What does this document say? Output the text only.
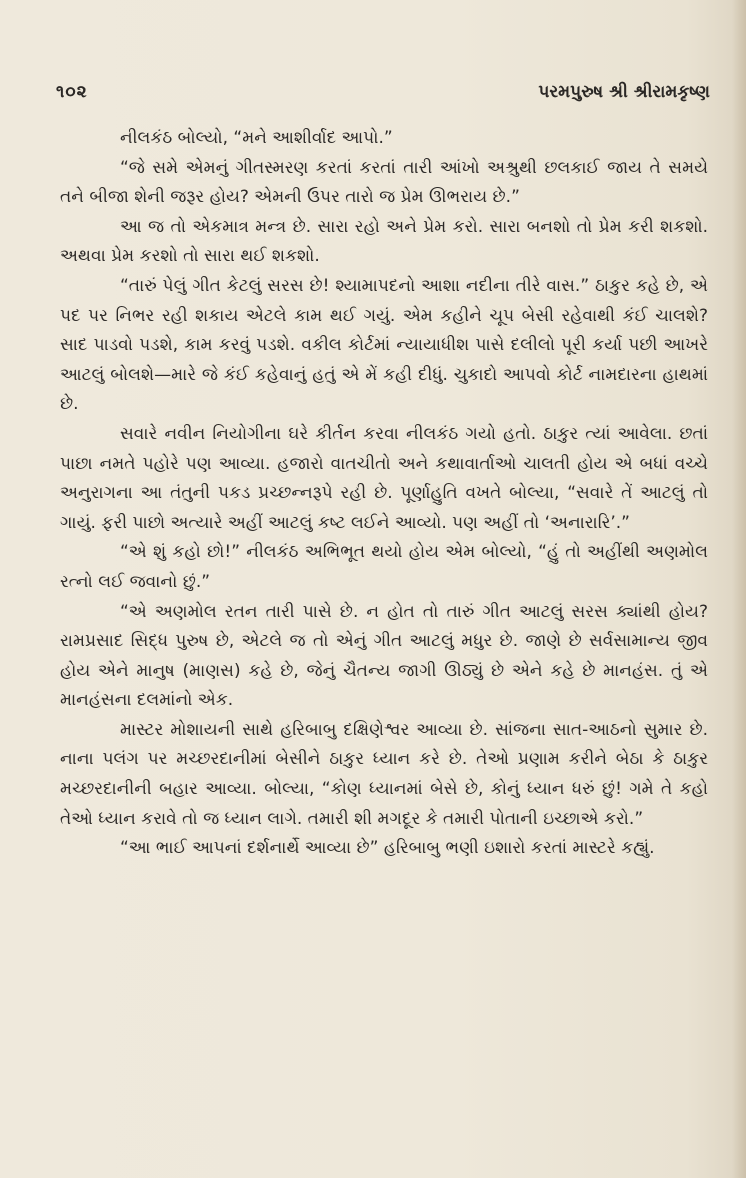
૧૦૨	પરમપુરુષ શ્રી શ્રીરામકૃષ્ણ

નીલકંઠ બોલ્યો, “મને આશીર્વાદ આપો.”

“જે સમે એમનું ગીતસ્મરણ કરતાં કરતાં તારી આંખો અશ્રુથી છલકાઈ જાય તે સમયે તને બીજા શેની જરૂર હોય? એમની ઉપર તારો જ પ્રેમ ઊભરાય છે.”

આ જ તો એકમાત્ર મન્ત્ર છે. સારા રહો અને પ્રેમ કરો. સારા બનશો તો પ્રેમ કરી શકશો. અથવા પ્રેમ કરશો તો સારા થઈ શકશો.

“તારું પેલું ગીત કેટલું સરસ છે! શ્યામાપદનો આશા નદીના તીરે વાસ.” ઠાકુર કહે છે, એ પદ પર નિભર રહી શકાય એટલે કામ થઈ ગયું. એમ કહીને ચૂપ બેસી રહેવાથી કંઈ ચાલશે? સાદ પાડવો પડશે, કામ કરવું પડશે. વકીલ કોર્ટમાં ન્યાયાધીશ પાસે દલીલો પૂરી કર્યા પછી આખરે આટલું બોલશે—મારે જે કંઈ કહેવાનું હતું એ મેં કહી દીધું. ચુકાદો આપવો કોર્ટ નામદારના હાથમાં છે.

સવારે નવીન નિયોગીના ઘરે કીર્તન કરવા નીલકંઠ ગયો હતો. ઠાકુર ત્યાં આવેલા. છતાં પાછા નમતે પહોરે પણ આવ્યા. હજારો વાતચીતો અને કથાવાર્તાઓ ચાલતી હોય એ બધાં વચ્ચે અનુરાગના આ તંતુની પકડ પ્રચ્છન્નરૂપે રહી છે. પૂર્ણાહુતિ વખતે બોલ્યા, “સવારે તેં આટલું તો ગાયું. ફરી પાછો અત્યારે અહીં આટલું કષ્ટ લઈને આવ્યો. પણ અહીં તો ‘અનારારિ’.”

“એ શું કહો છો!” નીલકંઠ અભિભૂત થયો હોય એમ બોલ્યો, “હું તો અહીંથી અણમોલ રત્નો લઈ જવાનો છું.”

“એ અણમોલ રતન તારી પાસે છે. ન હોત તો તારું ગીત આટલું સરસ ક્યાંથી હોય? રામપ્રસાદ સિદ્ધ પુરુષ છે, એટલે જ તો એનું ગીત આટલું મધુર છે. જાણે છે સર્વસામાન્ય જીવ હોય એને માનુષ (માણસ) કહે છે, જેનું ચૈતન્ય જાગી ઊઠ્યું છે એને કહે છે માનહંસ. તું એ માનહંસના દલમાંનો એક.

માસ્ટર મોશાયની સાથે હરિબાબુ દક્ષિણેશ્વર આવ્યા છે. સાંજના સાત-આઠનો સુમાર છે. નાના પલંગ પર મચ્છરદાનીમાં બેસીને ઠાકુર ધ્યાન કરે છે. તેઓ પ્રણામ કરીને બેઠા કે ઠાકુર મચ્છરદાનીની બહાર આવ્યા. બોલ્યા, “કોણ ધ્યાનમાં બેસે છે, કોનું ધ્યાન ધરું છું! ગમે તે કહો તેઓ ધ્યાન કરાવે તો જ ધ્યાન લાગે. તમારી શી મગદૂર કે તમારી પોતાની ઇચ્છાએ કરો.”

“આ ભાઈ આપનાં દર્શનાર્થે આવ્યા છે” હરિબાબુ ભણી ઇશારો કરતાં માસ્ટરે કહ્યું.
